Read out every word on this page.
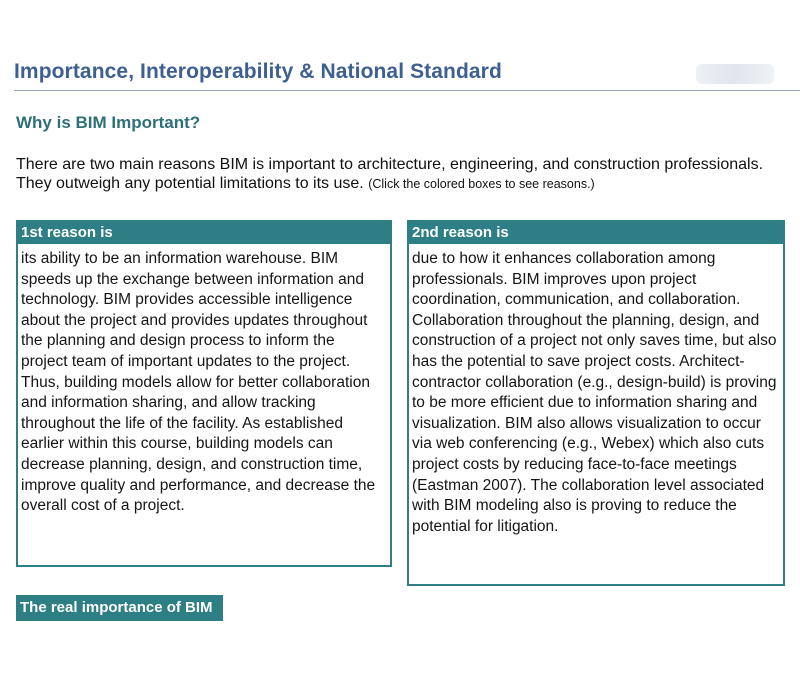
Importance, Interoperability & National Standard
Why is BIM Important?
There are two main reasons BIM is important to architecture, engineering, and construction professionals. They outweigh any potential limitations to its use. (Click the colored boxes to see reasons.)
1st reason is
its ability to be an information warehouse. BIM speeds up the exchange between information and technology. BIM provides accessible intelligence about the project and provides updates throughout the planning and design process to inform the project team of important updates to the project. Thus, building models allow for better collaboration and information sharing, and allow tracking throughout the life of the facility. As established earlier within this course, building models can decrease planning, design, and construction time, improve quality and performance, and decrease the overall cost of a project.
2nd reason is
due to how it enhances collaboration among professionals. BIM improves upon project coordination, communication, and collaboration. Collaboration throughout the planning, design, and construction of a project not only saves time, but also has the potential to save project costs. Architect- contractor collaboration (e.g., design-build) is proving to be more efficient due to information sharing and visualization. BIM also allows visualization to occur via web conferencing (e.g., Webex) which also cuts project costs by reducing face-to-face meetings (Eastman 2007). The collaboration level associated with BIM modeling also is proving to reduce the potential for litigation.
The real importance of BIM
